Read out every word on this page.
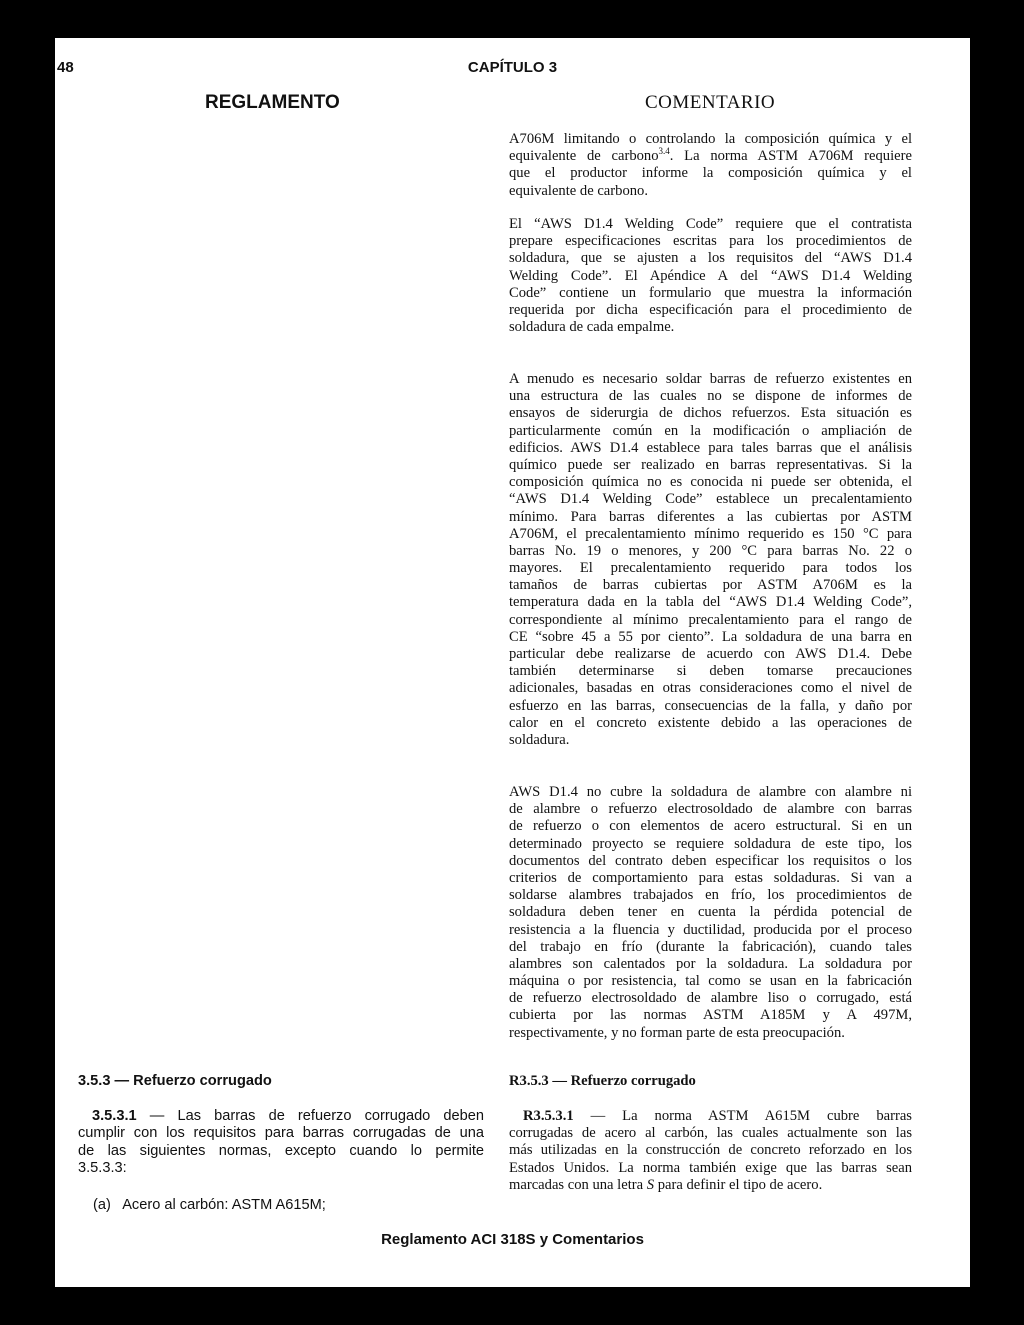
48	CAPÍTULO 3
REGLAMENTO	COMENTARIO
R3.5.3 — Refuerzo corrugado
3.5.3 — Refuerzo corrugado
(a)   Acero al carbón: ASTM A615M;
Reglamento ACI 318S y Comentarios
A706M limitando o controlando la composición química y el
equivalente de carbono$^{3.4}$. La norma ASTM A706M requiere
que el productor informe la composición química y el
equivalente de carbono.
El “AWS D1.4 Welding Code” requiere que el contratista
prepare especificaciones escritas para los procedimientos de
soldadura, que se ajusten a los requisitos del “AWS D1.4
Welding Code”. El Apéndice A del “AWS D1.4 Welding
Code” contiene un formulario que muestra la información
requerida por dicha especificación para el procedimiento de
soldadura de cada empalme.
A menudo es necesario soldar barras de refuerzo existentes en
una estructura de las cuales no se dispone de informes de
ensayos de siderurgia de dichos refuerzos. Esta situación es
particularmente común en la modificación o ampliación de
edificios. AWS D1.4 establece para tales barras que el análisis
químico puede ser realizado en barras representativas. Si la
composición química no es conocida ni puede ser obtenida, el
“AWS D1.4 Welding Code” establece un precalentamiento
mínimo. Para barras diferentes a las cubiertas por ASTM
A706M, el precalentamiento mínimo requerido es 150 °C para
barras No. 19 o menores, y 200 °C para barras No. 22 o
mayores. El precalentamiento requerido para todos los
tamaños de barras cubiertas por ASTM A706M es la
temperatura dada en la tabla del “AWS D1.4 Welding Code”,
correspondiente al mínimo precalentamiento para el rango de
CE “sobre 45 a 55 por ciento”. La soldadura de una barra en
particular debe realizarse de acuerdo con AWS D1.4. Debe
también determinarse si deben tomarse precauciones
adicionales, basadas en otras consideraciones como el nivel de
esfuerzo en las barras, consecuencias de la falla, y daño por
calor en el concreto existente debido a las operaciones de
soldadura.
AWS D1.4 no cubre la soldadura de alambre con alambre ni
de alambre o refuerzo electrosoldado de alambre con barras
de refuerzo o con elementos de acero estructural. Si en un
determinado proyecto se requiere soldadura de este tipo, los
documentos del contrato deben especificar los requisitos o los
criterios de comportamiento para estas soldaduras. Si van a
soldarse alambres trabajados en frío, los procedimientos de
soldadura deben tener en cuenta la pérdida potencial de
resistencia a la fluencia y ductilidad, producida por el proceso
del trabajo en frío (durante la fabricación), cuando tales
alambres son calentados por la soldadura. La soldadura por
máquina o por resistencia, tal como se usan en la fabricación
de refuerzo electrosoldado de alambre liso o corrugado, está
cubierta por las normas ASTM A185M y A 497M,
respectivamente, y no forman parte de esta preocupación.
R3.5.3.1 — La norma ASTM A615M cubre barras
corrugadas de acero al carbón, las cuales actualmente son las
más utilizadas en la construcción de concreto reforzado en los
Estados Unidos. La norma también exige que las barras sean
marcadas con una letra S para definir el tipo de acero.
3.5.3.1 — Las barras de refuerzo corrugado deben
cumplir con los requisitos para barras corrugadas de una
de las siguientes normas, excepto cuando lo permite
3.5.3.3:
